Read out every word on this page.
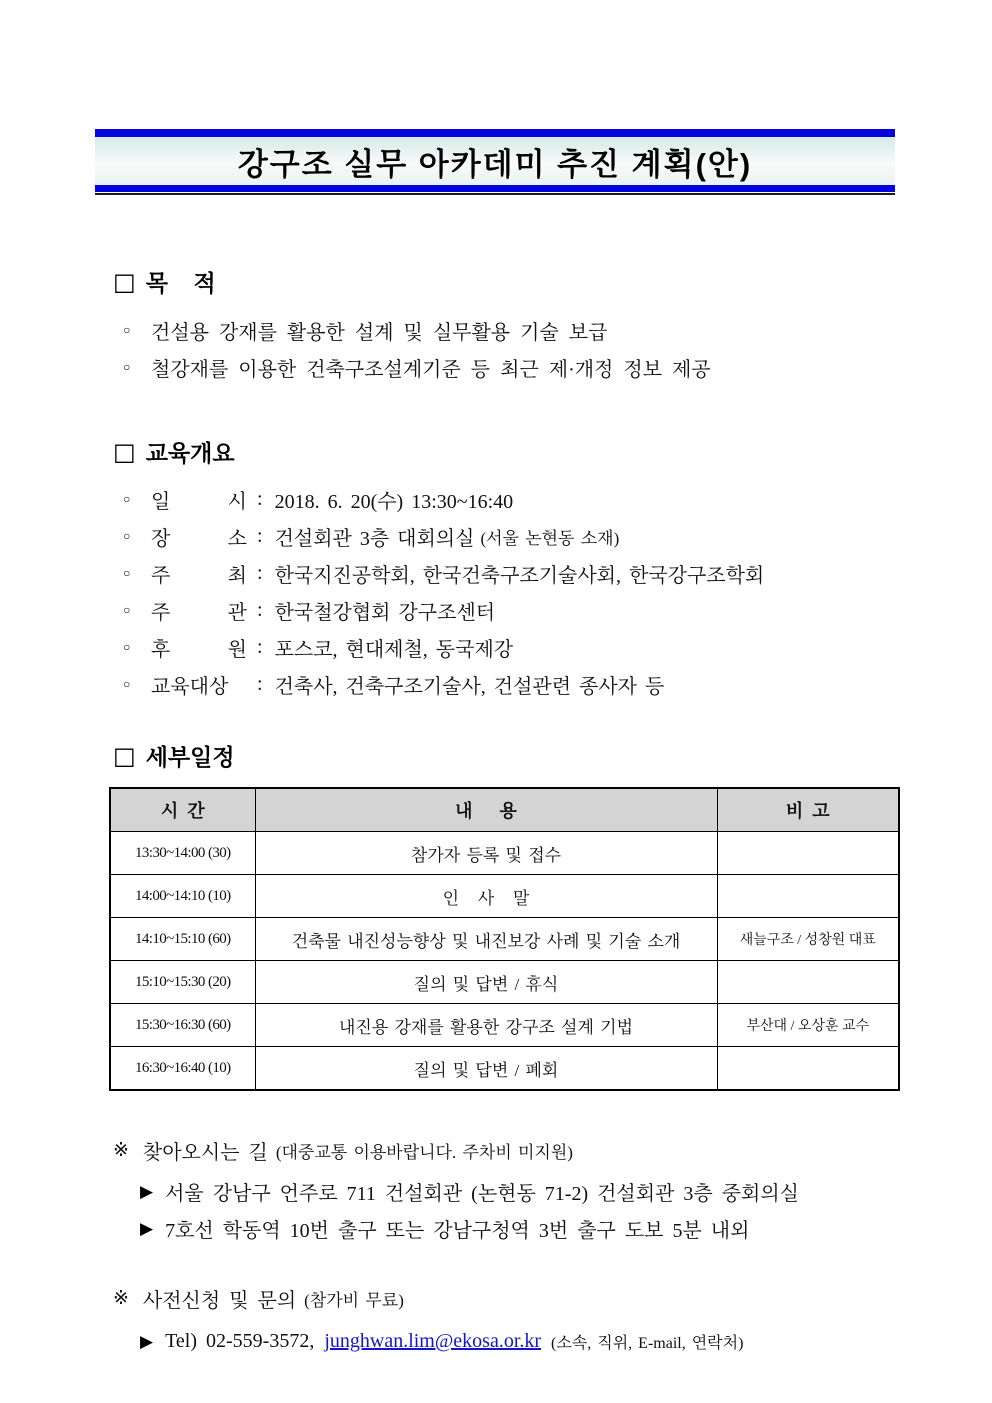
강구조 실무 아카데미 추진 계획(안)
□ 목    적
○	건설용 강재를 활용한 설계 및 실무활용 기술 보급
○	철강재를 이용한 건축구조설계기준 등 최근 제·개정 정보 제공
□ 교육개요
○	일	시 : 2018. 6. 20(수) 13:30~16:40
○	장	소 : 건설회관 3층 대회의실 (서울 논현동 소재)
○	주	최 : 한국지진공학회, 한국건축구조기술사회, 한국강구조학회
○	주	관 : 한국철강협회 강구조센터
○	후	원 : 포스코, 현대제철, 동국제강
○	교육대상 : 건축사, 건축구조기술사, 건설관련 종사자 등
□ 세부일정
시  간	내      용	비  고
13:30~14:00 (30)	참가자 등록 및 접수	
14:00~14:10 (10)	인   사   말	
14:10~15:10 (60)	건축물 내진성능향상 및 내진보강 사례 및 기술 소개	새늘구조 / 성창원 대표
15:10~15:30 (20)	질의 및 답변 / 휴식	
15:30~16:30 (60)	내진용 강재를 활용한 강구조 설계 기법	부산대 / 오상훈 교수
16:30~16:40 (10)	질의 및 답변 / 폐회	
※ 찾아오시는 길 (대중교통 이용바랍니다. 주차비 미지원)
▶ 서울 강남구 언주로 711 건설회관 (논현동 71-2) 건설회관 3층 중회의실
▶ 7호선 학동역 10번 출구 또는 강남구청역 3번 출구 도보 5분 내외
※ 사전신청 및 문의 (참가비 무료)
▶ Tel) 02-559-3572, junghwan.lim@ekosa.or.kr (소속, 직위, E-mail, 연락처)
